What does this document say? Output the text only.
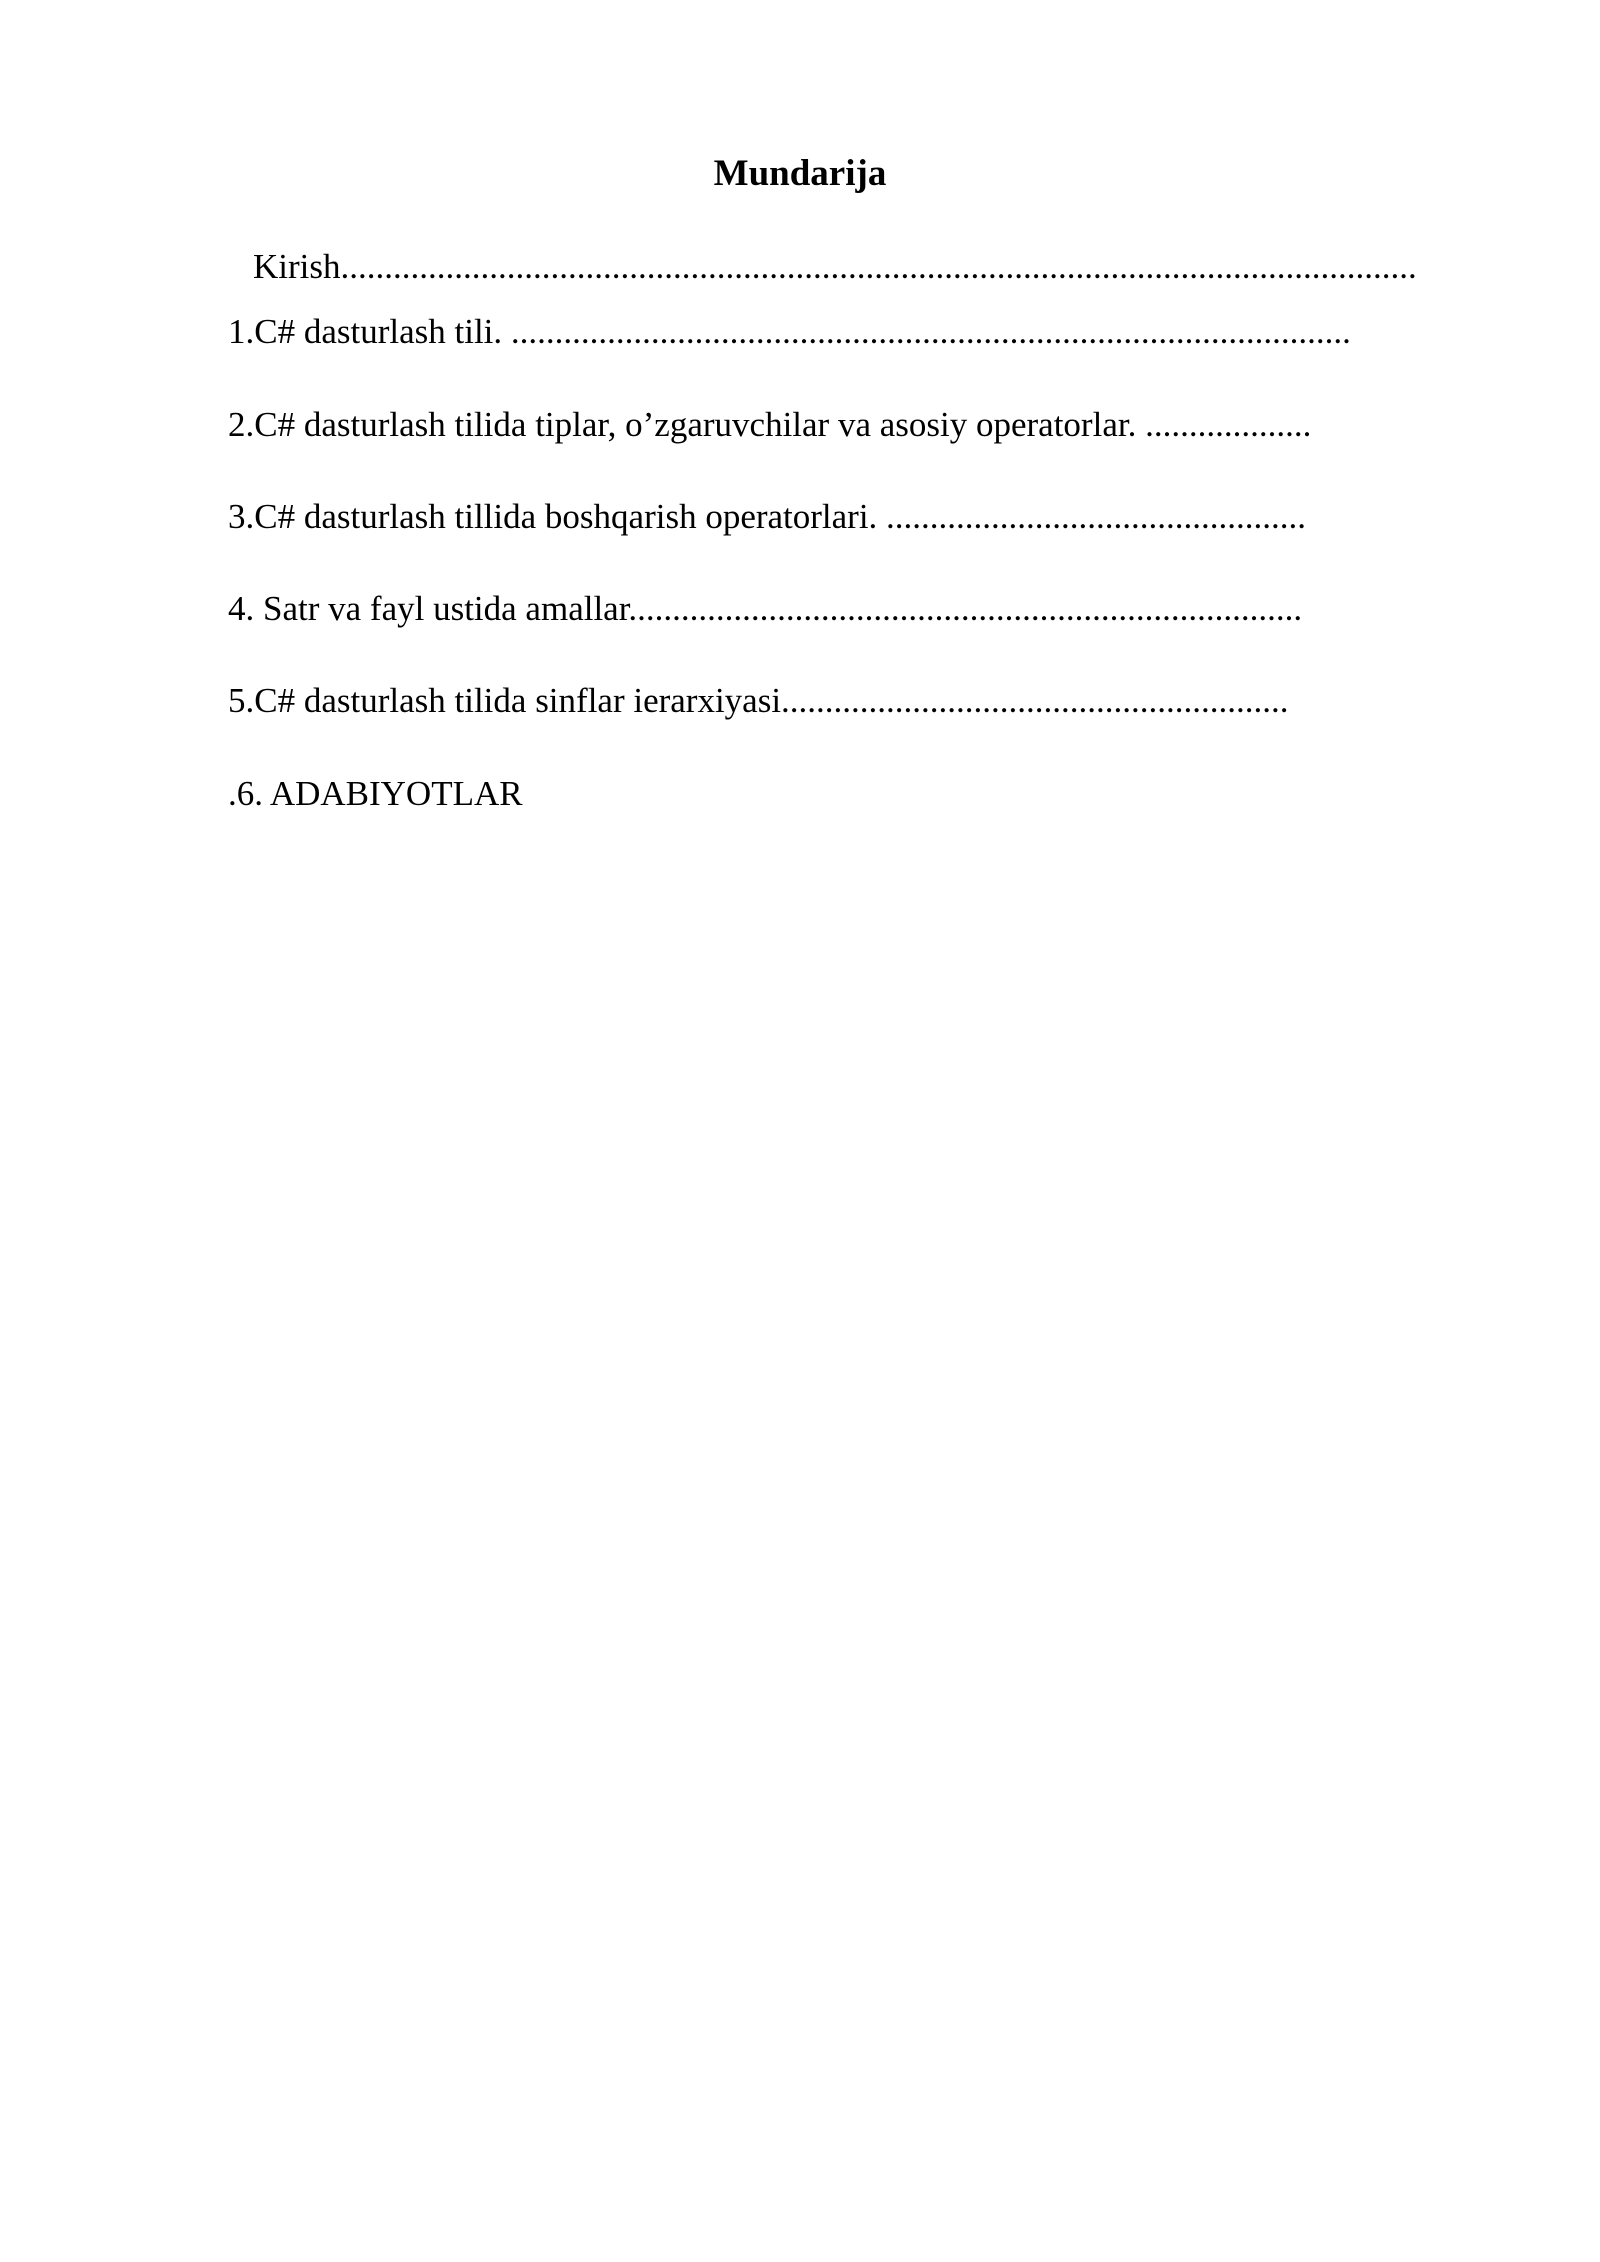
Mundarija

Kirish...........................................................................................................................

1.C# dasturlash tili. ................................................................................................

2.C# dasturlash tilida tiplar, o’zgaruvchilar va asosiy operatorlar. ...................

3.C# dasturlash tillida boshqarish operatorlari. ................................................

4. Satr va fayl ustida amallar.............................................................................

5.C# dasturlash tilida sinflar ierarxiyasi..........................................................

.6. ADABIYOTLAR
